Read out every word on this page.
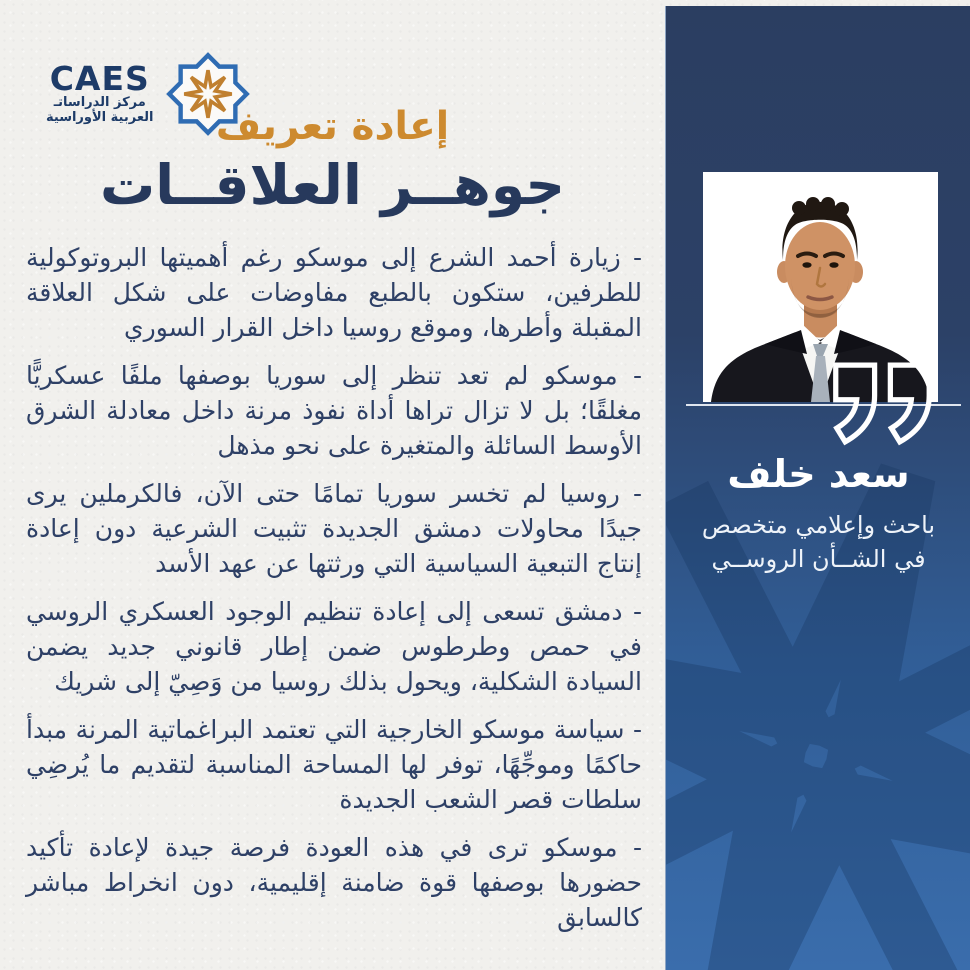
CAES
مركز الدراساتـ
العربية الأوراسية	إعادة تعريف
جوهــر العلاقــات

- زيارة أحمد الشرع إلى موسكو رغم أهميتها البروتوكولية للطرفين، ستكون بالطبع مفاوضات على شكل العلاقة المقبلة وأطرها، وموقع روسيا داخل القرار السوري

- موسكو لم تعد تنظر إلى سوريا بوصفها ملفًا عسكريًّا مغلقًا؛ بل لا تزال تراها أداة نفوذ مرنة داخل معادلة الشرق الأوسط السائلة والمتغيرة على نحو مذهل

- روسيا لم تخسر سوريا تمامًا حتى الآن، فالكرملين يرى جيدًا محاولات دمشق الجديدة تثبيت الشرعية دون إعادة إنتاج التبعية السياسية التي ورثتها عن عهد الأسد

- دمشق تسعى إلى إعادة تنظيم الوجود العسكري الروسي في حمص وطرطوس ضمن إطار قانوني جديد يضمن السيادة الشكلية، ويحول بذلك روسيا من وَصِيّ إلى شريك

- سياسة موسكو الخارجية التي تعتمد البراغماتية المرنة مبدأ حاكمًا وموجِّهًا، توفر لها المساحة المناسبة لتقديم ما يُرضِي سلطات قصر الشعب الجديدة

- موسكو ترى في هذه العودة فرصة جيدة لإعادة تأكيد حضورها بوصفها قوة ضامنة إقليمية، دون انخراط مباشر كالسابق

سعد خلف
باحث وإعلامي متخصص
في الشــأن الروســي
